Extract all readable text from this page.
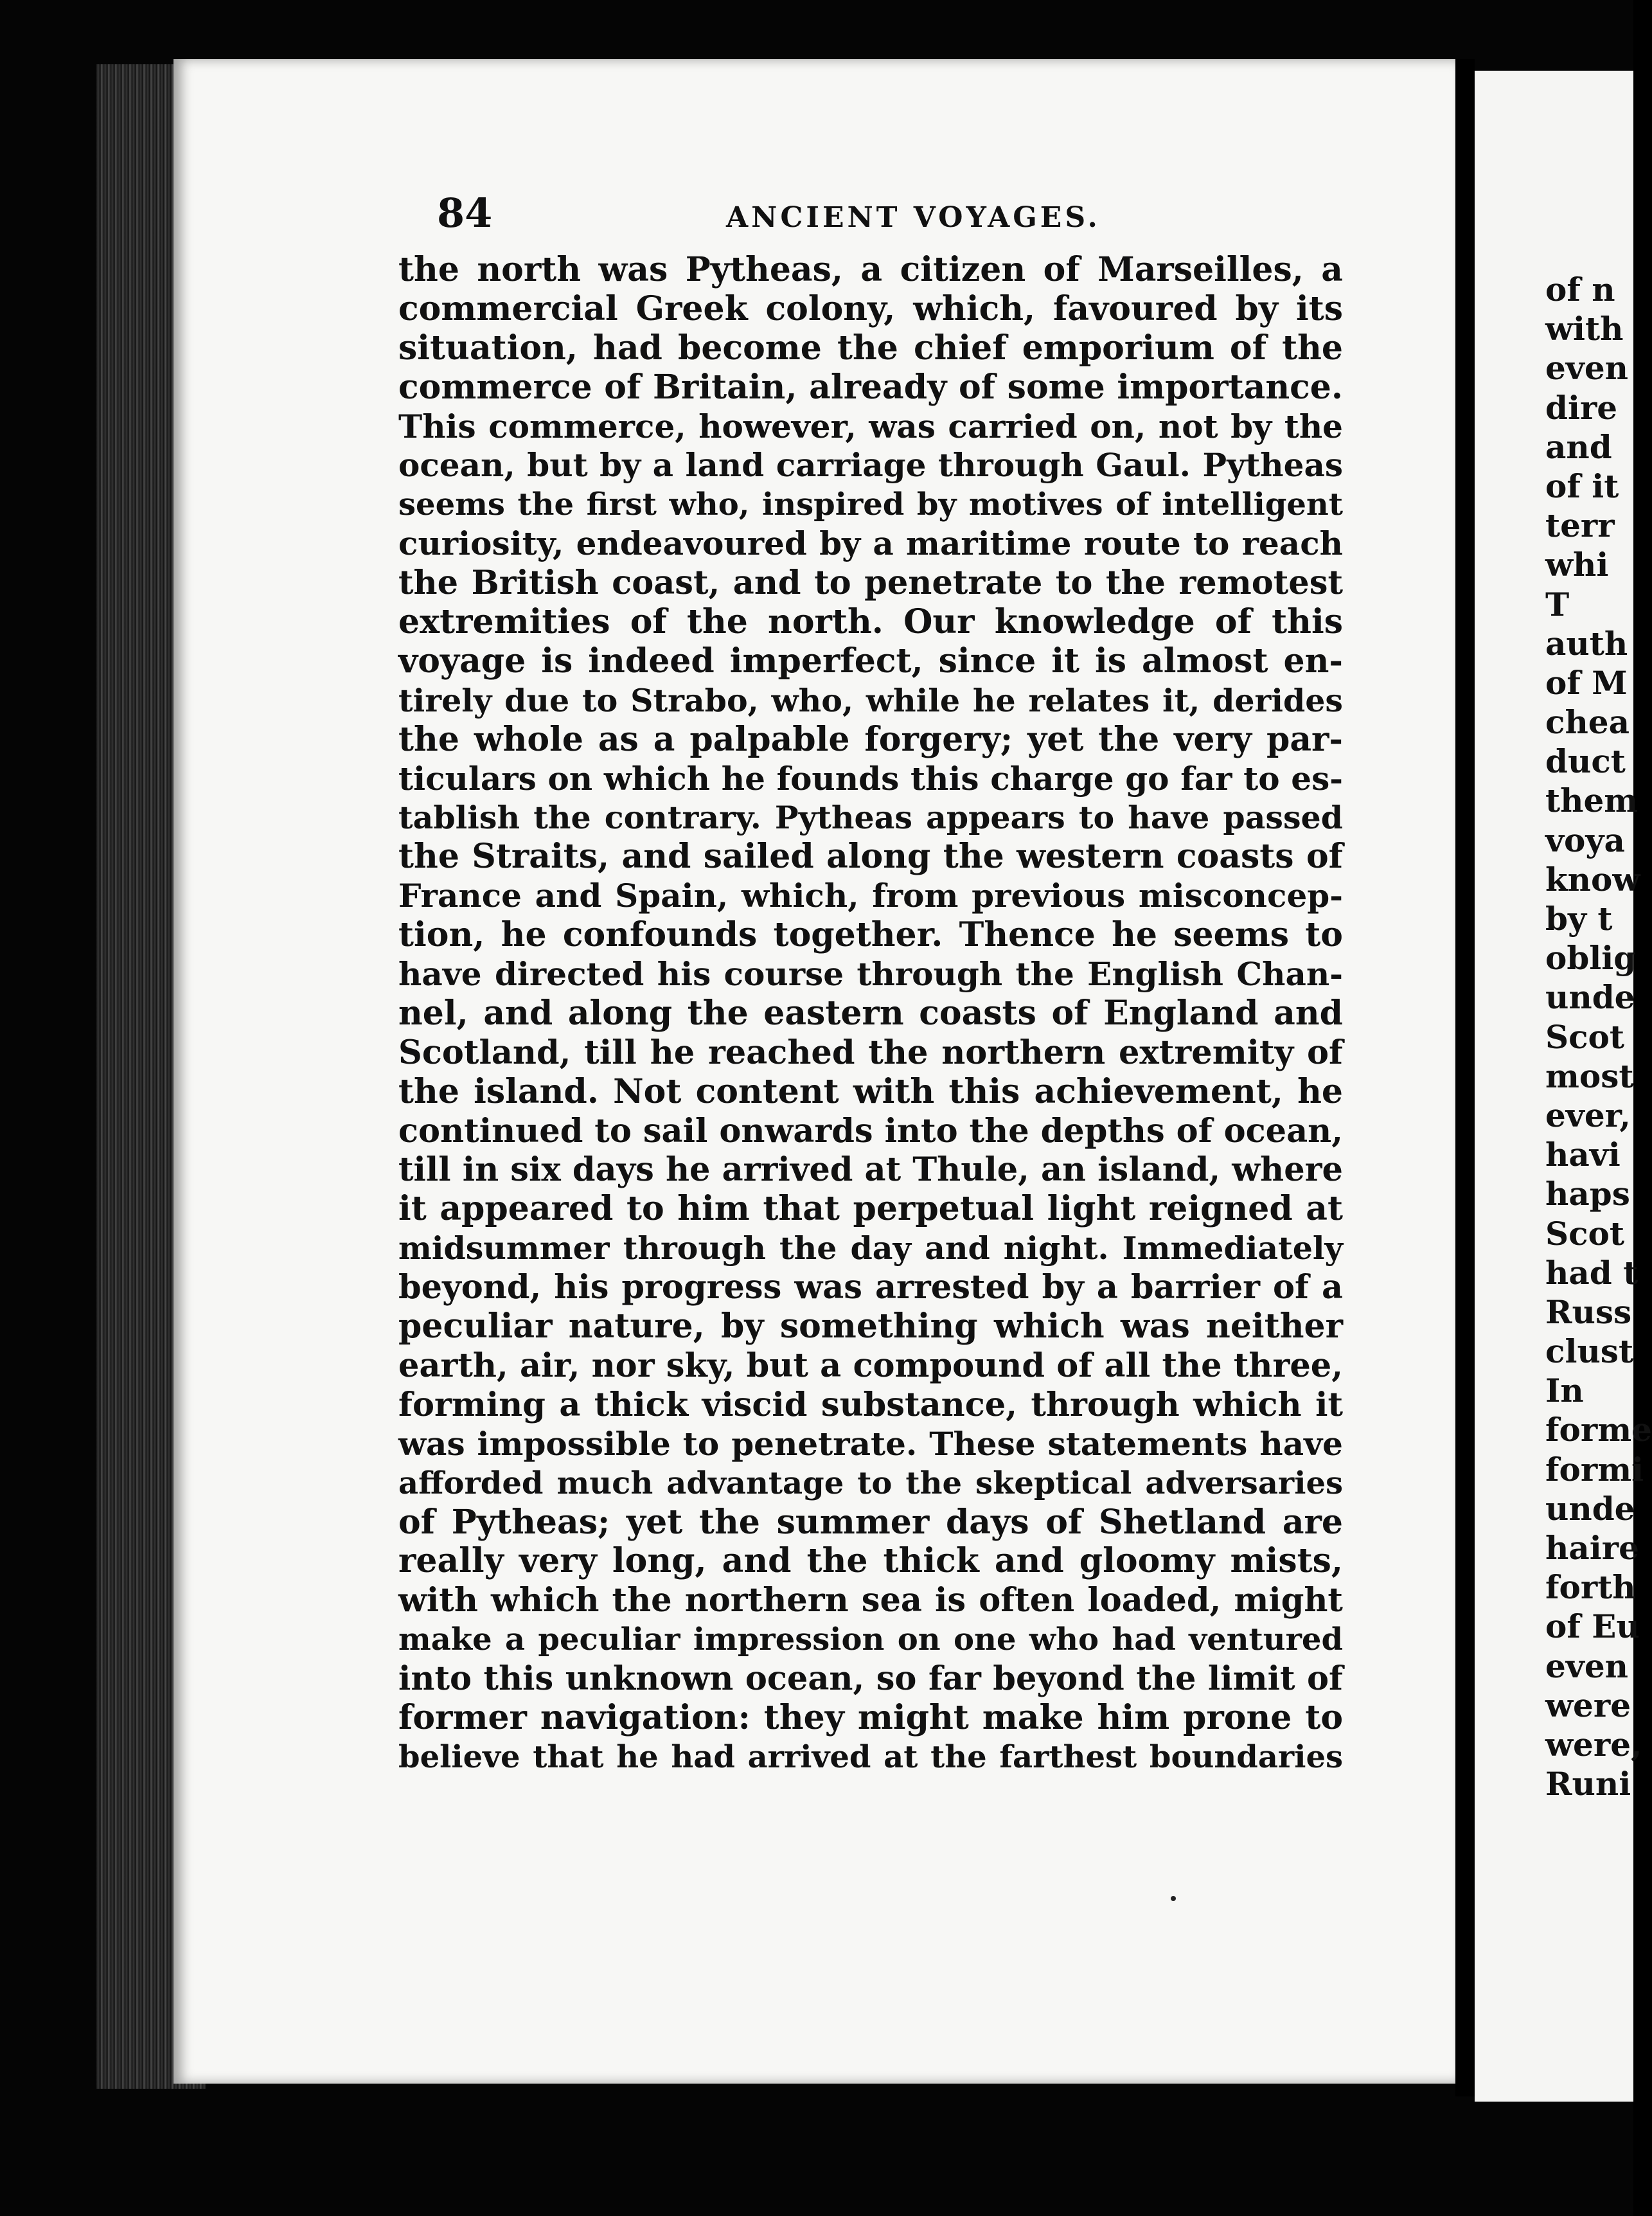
84	ANCIENT VOYAGES.
the north was Pytheas, a citizen of Marseilles, a
commercial Greek colony, which, favoured by its
situation, had become the chief emporium of the
commerce of Britain, already of some importance.
This commerce, however, was carried on, not by the
ocean, but by a land carriage through Gaul. Pytheas
seems the first who, inspired by motives of intelligent
curiosity, endeavoured by a maritime route to reach
the British coast, and to penetrate to the remotest
extremities of the north. Our knowledge of this
voyage is indeed imperfect, since it is almost en-
tirely due to Strabo, who, while he relates it, derides
the whole as a palpable forgery; yet the very par-
ticulars on which he founds this charge go far to es-
tablish the contrary. Pytheas appears to have passed
the Straits, and sailed along the western coasts of
France and Spain, which, from previous misconcep-
tion, he confounds together. Thence he seems to
have directed his course through the English Chan-
nel, and along the eastern coasts of England and
Scotland, till he reached the northern extremity of
the island. Not content with this achievement, he
continued to sail onwards into the depths of ocean,
till in six days he arrived at Thule, an island, where
it appeared to him that perpetual light reigned at
midsummer through the day and night. Immediately
beyond, his progress was arrested by a barrier of a
peculiar nature, by something which was neither
earth, air, nor sky, but a compound of all the three,
forming a thick viscid substance, through which it
was impossible to penetrate. These statements have
afforded much advantage to the skeptical adversaries
of Pytheas; yet the summer days of Shetland are
really very long, and the thick and gloomy mists,
with which the northern sea is often loaded, might
make a peculiar impression on one who had ventured
into this unknown ocean, so far beyond the limit of
former navigation: they might make him prone to
believe that he had arrived at the farthest boundaries
of n
with
even
dire
and
of it
terr
whi
T
auth
of M
chea
duct
them
voya
know
by t
oblig
unde
Scot
most
ever,
havi
haps
Scot
had t
Russ
clust
In
forme
formi
unde
haire
forth
of Eu
even
were
were,
Runi
